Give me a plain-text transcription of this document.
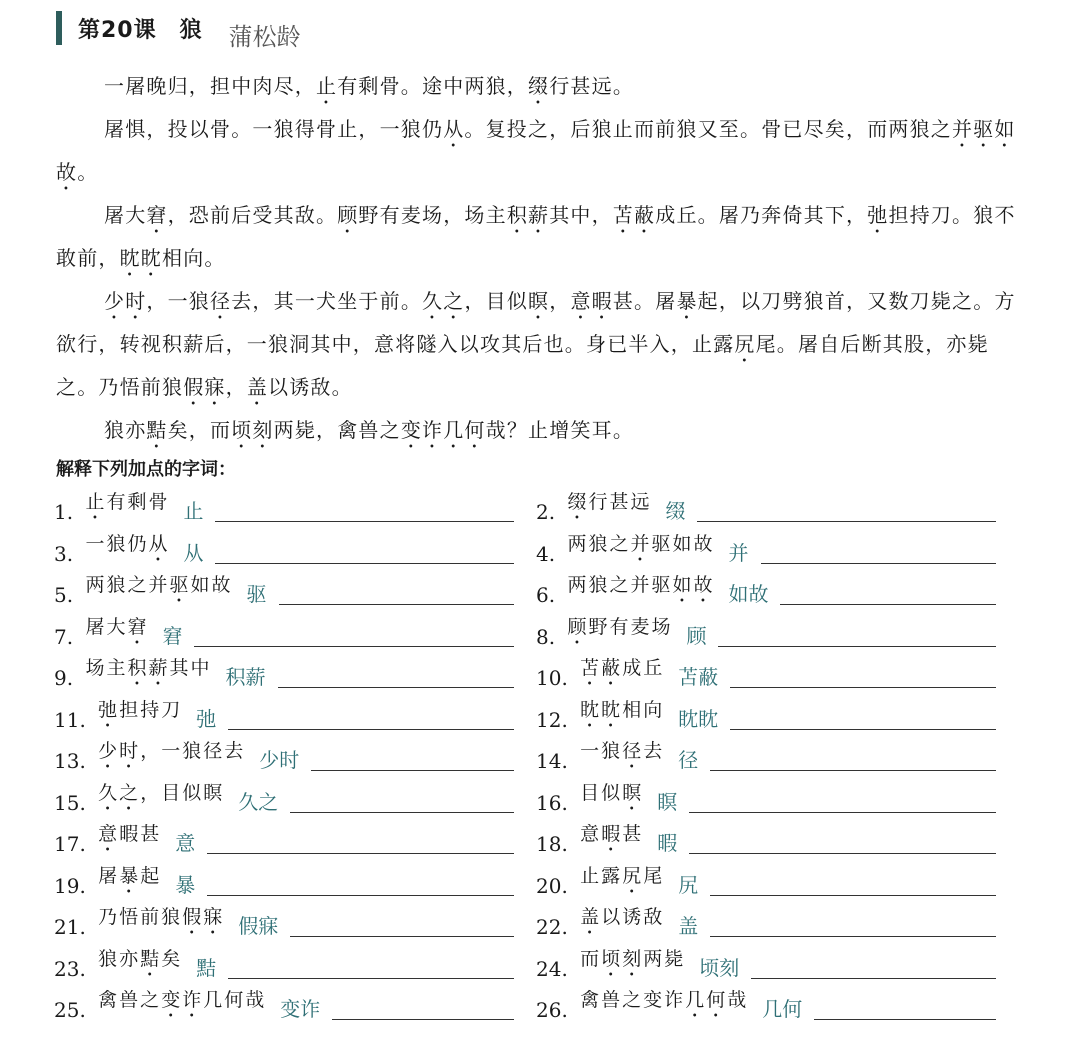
第20课　狼 蒲松龄

一屠晚归，担中肉尽，止有剩骨。途中两狼，缀行甚远。

屠惧，投以骨。一狼得骨止，一狼仍从。复投之，后狼止而前狼又至。骨已尽矣，而两狼之并驱如故。

屠大窘，恐前后受其敌。顾野有麦场，场主积薪其中，苫蔽成丘。屠乃奔倚其下，弛担持刀。狼不敢前，眈眈相向。

少时，一狼径去，其一犬坐于前。久之，目似瞑，意暇甚。屠暴起，以刀劈狼首，又数刀毙之。方欲行，转视积薪后，一狼洞其中，意将隧入以攻其后也。身已半入，止露尻尾。屠自后断其股，亦毙之。乃悟前狼假寐，盖以诱敌。

狼亦黠矣，而顷刻两毙，禽兽之变诈几何哉？止增笑耳。

解释下列加点的字词：
1. 止有剩骨 止	2. 缀行甚远 缀
3. 一狼仍从 从	4. 两狼之并驱如故 并
5. 两狼之并驱如故 驱	6. 两狼之并驱如故 如故
7. 屠大窘 窘	8. 顾野有麦场 顾
9. 场主积薪其中 积薪	10. 苫蔽成丘 苫蔽
11. 弛担持刀 弛	12. 眈眈相向 眈眈
13. 少时，一狼径去 少时	14. 一狼径去 径
15. 久之，目似瞑 久之	16. 目似瞑 瞑
17. 意暇甚 意	18. 意暇甚 暇
19. 屠暴起 暴	20. 止露尻尾 尻
21. 乃悟前狼假寐 假寐	22. 盖以诱敌 盖
23. 狼亦黠矣 黠	24. 而顷刻两毙 顷刻
25. 禽兽之变诈几何哉 变诈	26. 禽兽之变诈几何哉 几何
